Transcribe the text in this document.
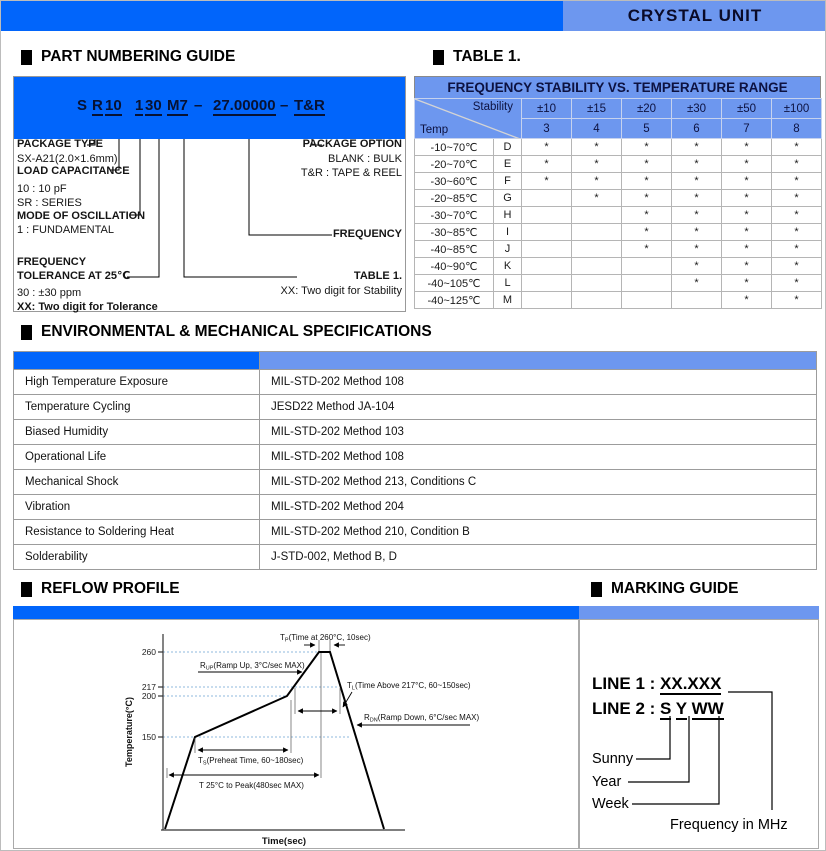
CRYSTAL UNIT
PART NUMBERING GUIDE	TABLE 1.
S R 10 1 30 M7 – 27.00000 – T&R
PACKAGE TYPE
SX-A21(2.0×1.6mm)
LOAD CAPACITANCE
10 : 10 pF
SR : SERIES
MODE OF OSCILLATION
1 : FUNDAMENTAL
FREQUENCY
TOLERANCE AT 25℃
30 : ±30 ppm
XX: Two digit for Tolerance
PACKAGE OPTION
BLANK : BULK
T&R : TAPE & REEL
FREQUENCY
TABLE 1.
XX: Two digit for Stability
FREQUENCY STABILITY VS. TEMPERATURE RANGE
Stability
Temp		±10	±15	±20	±30	±50	±100
		3	4	5	6	7	8
-10~70℃	D	*	*	*	*	*	*
-20~70℃	E	*	*	*	*	*	*
-30~60℃	F	*	*	*	*	*	*
-20~85℃	G		*	*	*	*	*
-30~70℃	H			*	*	*	*
-30~85℃	I			*	*	*	*
-40~85℃	J			*	*	*	*
-40~90℃	K				*	*	*
-40~105℃	L				*	*	*
-40~125℃	M					*	*
ENVIRONMENTAL & MECHANICAL SPECIFICATIONS

High Temperature Exposure	MIL-STD-202 Method 108
Temperature Cycling	JESD22 Method JA-104
Biased Humidity	MIL-STD-202 Method 103
Operational Life	MIL-STD-202 Method 108
Mechanical Shock	MIL-STD-202 Method 213, Conditions C
Vibration	MIL-STD-202 Method 204
Resistance to Soldering Heat	MIL-STD-202 Method 210, Condition B
Solderability	J-STD-002, Method B, D
REFLOW PROFILE	MARKING GUIDE
Temperature(°C)
Time(sec)
260
217
200
150
TP(Time at 260°C, 10sec)
RUP(Ramp Up, 3°C/sec MAX)
TL(Time Above 217°C, 60~150sec)
RDN(Ramp Down, 6°C/sec MAX)
TS(Preheat Time, 60~180sec)
T 25°C to Peak(480sec MAX)
LINE 1 : XX.XXX
LINE 2 : S Y WW
Sunny
Year
Week
Frequency in MHz
